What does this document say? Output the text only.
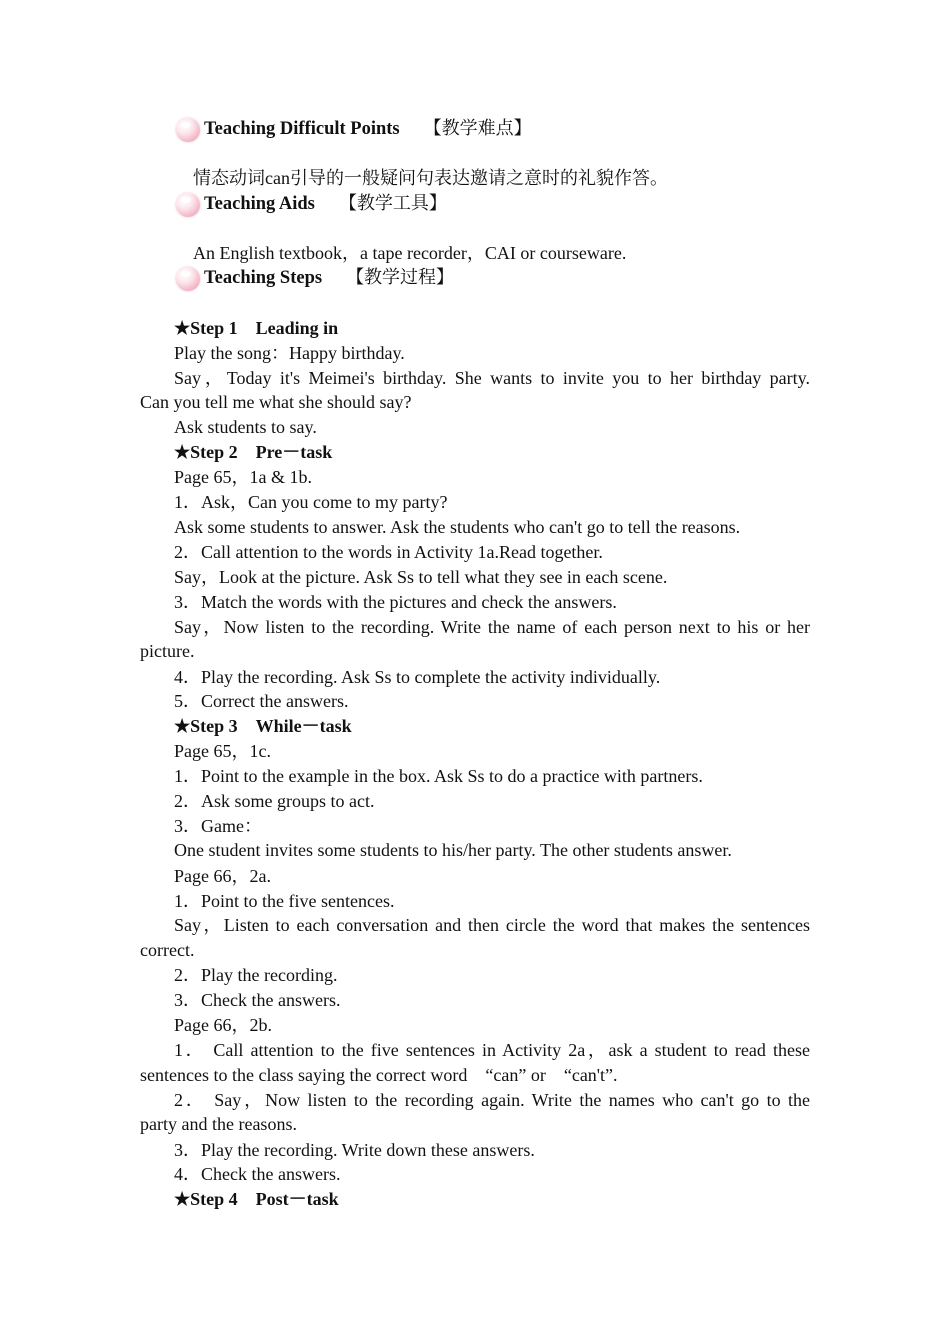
Teaching Difficult Points 【教学难点】
情态动词can引导的一般疑问句表达邀请之意时的礼貌作答。
Teaching Aids 【教学工具】
An English textbook，a tape recorder，CAI or courseware.
Teaching Steps 【教学过程】
★Step 1　Leading in
Play the song：Happy birthday.
Say，Today it's Meimei's birthday. She wants to invite you to her birthday party.
Can you tell me what she should say?
Ask students to say.
★Step 2　Pre－task
Page 65，1a & 1b.
1．Ask，Can you come to my party?
Ask some students to answer. Ask the students who can't go to tell the reasons.
2．Call attention to the words in Activity 1a.Read together.
Say，Look at the picture. Ask Ss to tell what they see in each scene.
3．Match the words with the pictures and check the answers.
Say，Now listen to the recording. Write the name of each person next to his or her
picture.
4．Play the recording. Ask Ss to complete the activity individually.
5．Correct the answers.
★Step 3　While－task
Page 65，1c.
1．Point to the example in the box. Ask Ss to do a practice with partners.
2．Ask some groups to act.
3．Game：
One student invites some students to his/her party. The other students answer.
Page 66，2a.
1．Point to the five sentences.
Say，Listen to each conversation and then circle the word that makes the sentences
correct.
2．Play the recording.
3．Check the answers.
Page 66，2b.
1． Call attention to the five sentences in Activity 2a，ask a student to read these
sentences to the class saying the correct word　“can” or　“can't”.
2． Say，Now listen to the recording again. Write the names who can't go to the
party and the reasons.
3．Play the recording. Write down these answers.
4．Check the answers.
★Step 4　Post－task
